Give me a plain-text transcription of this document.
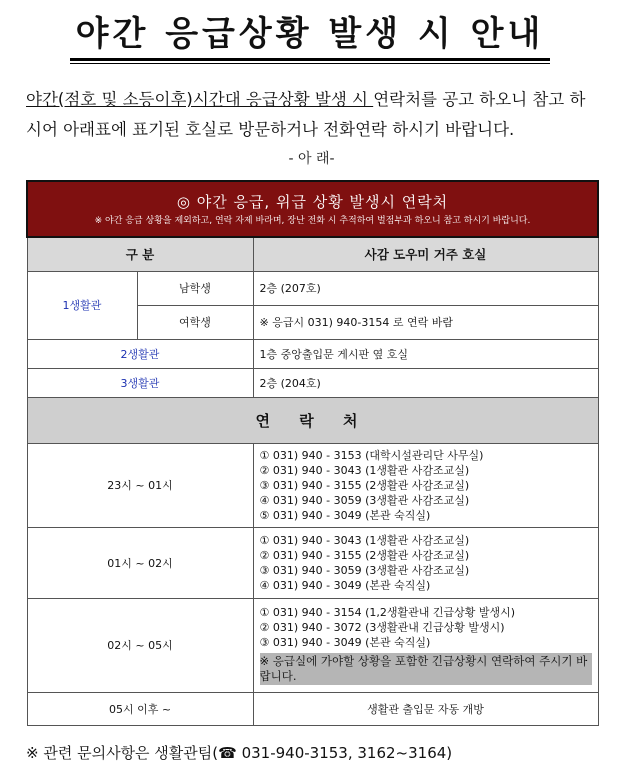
야간 응급상황 발생 시 안내
야간(점호 및 소등이후)시간대 응급상황 발생 시 연락처를 공고 하오니 참고 하시어 아래표에 표기된 호실로 방문하거나 전화연락 하시기 바랍니다.
- 아 래-
◎ 야간 응급, 위급 상황 발생시 연락처
※ 야간 응급 상황을 제외하고, 연락 자제 바라며, 장난 전화 시 추적하여 벌점부과 하오니 참고 하시기 바랍니다.		

구 분		사감 도우미 거주 호실
1생활관	남학생	2층 (207호)
	여학생	※ 응급시 031) 940-3154 로 연락 바람
2생활관		1층 중앙출입문 게시판 옆 호실
3생활관		2층 (204호)
연 락 처		
23시 ~ 01시		① 031) 940 - 3153 (대학시설관리단 사무실)
② 031) 940 - 3043 (1생활관 사감조교실)
③ 031) 940 - 3155 (2생활관 사감조교실)
④ 031) 940 - 3059 (3생활관 사감조교실)
⑤ 031) 940 - 3049 (본관 숙직실)

01시 ~ 02시		① 031) 940 - 3043 (1생활관 사감조교실)
② 031) 940 - 3155 (2생활관 사감조교실)
③ 031) 940 - 3059 (3생활관 사감조교실)
④ 031) 940 - 3049 (본관 숙직실)

02시 ~ 05시		① 031) 940 - 3154 (1,2생활관내 긴급상황 발생시)
② 031) 940 - 3072 (3생활관내 긴급상황 발생시)
③ 031) 940 - 3049 (본관 숙직실)
※ 응급실에 가야할 상황을 포함한 긴급상황시 연락하여 주시기 바랍니다.

05시 이후 ~		생활관 출입문 자동 개방
※ 관련 문의사항은 생활관팀(☎ 031-940-3153, 3162~3164)
